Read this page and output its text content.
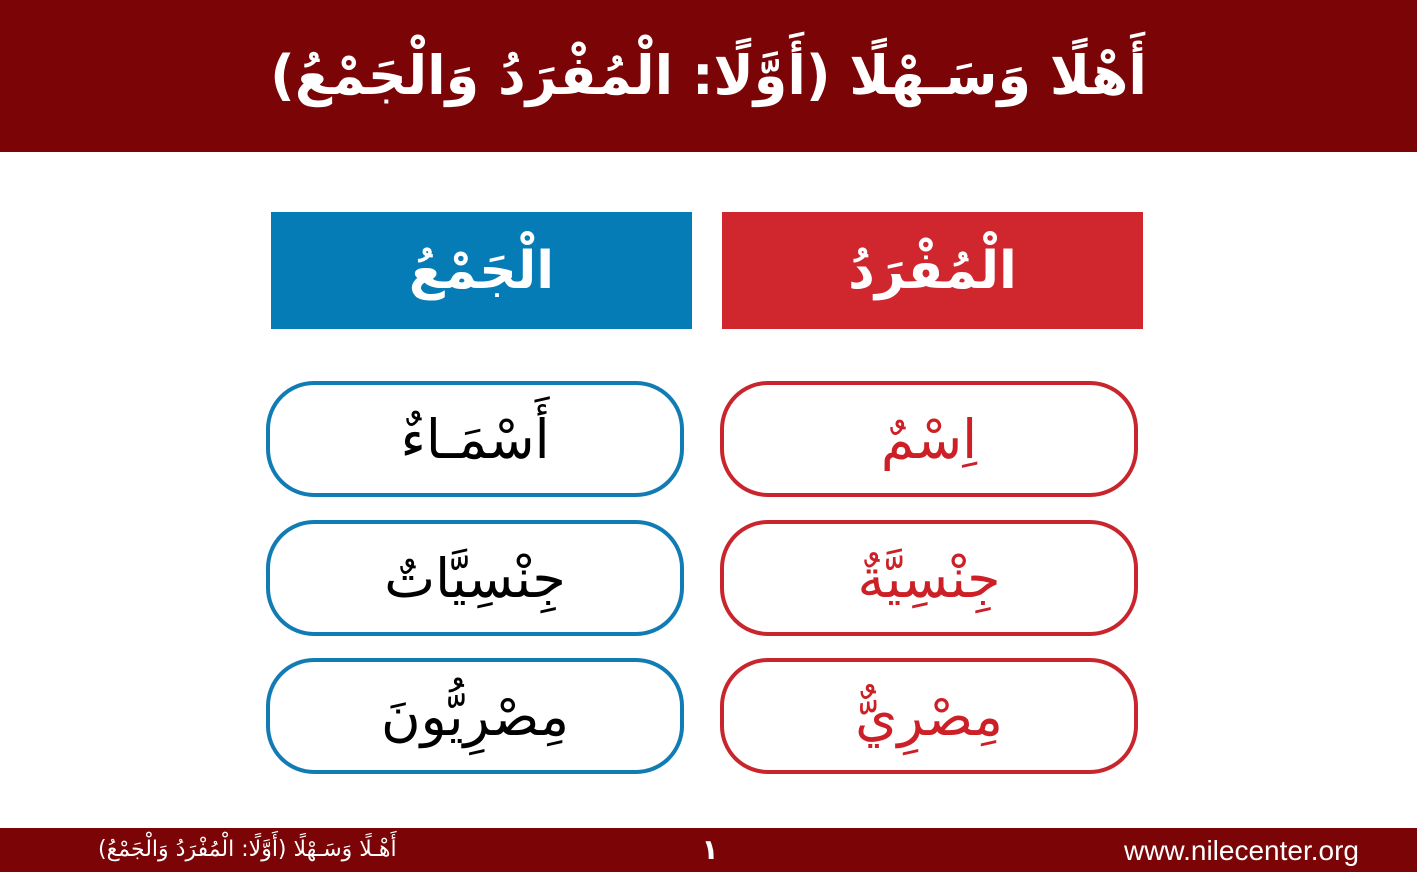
أَهْلًا وَسَـهْلًا (أَوَّلًا: الْمُفْرَدُ وَالْجَمْعُ)
الْجَمْعُ	الْمُفْرَدُ
أَسْمَـاءٌ	اِسْمٌ
جِنْسِيَّاتٌ	جِنْسِيَّةٌ
مِصْرِيُّونَ	مِصْرِيٌّ
أَهْـلًا وَسَـهْلًا (أَوَّلًا: الْمُفْرَدُ وَالْجَمْعُ)	١	www.nilecenter.org
